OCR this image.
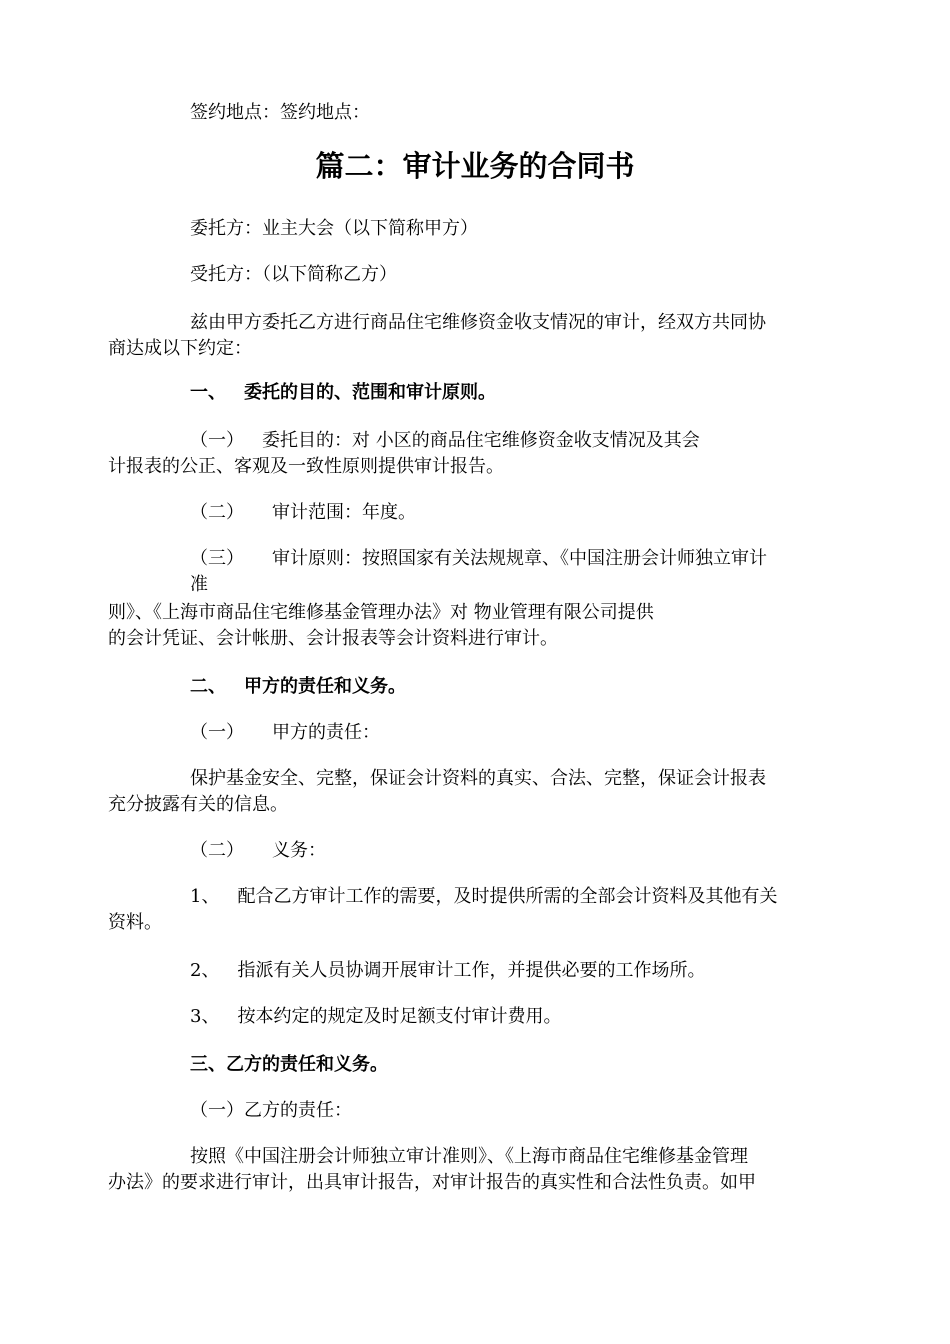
签约地点：签约地点：
篇二：审计业务的合同书
委托方：业主大会（以下简称甲方）
受托方：（以下简称乙方）
兹由甲方委托乙方进行商品住宅维修资金收支情况的审计，经双方共同协
商达成以下约定：
一、 委托的目的、范围和审计原则。
（一） 委托目的：对 小区的商品住宅维修资金收支情况及其会
计报表的公正、客观及一致性原则提供审计报告。
（二） 审计范围：年度。
（三） 审计原则：按照国家有关法规规章、《中国注册会计师独立审计
准
则》、《上海市商品住宅维修基金管理办法》对 物业管理有限公司提供
的会计凭证、会计帐册、会计报表等会计资料进行审计。
二、 甲方的责任和义务。
（一） 甲方的责任：
保护基金安全、完整，保证会计资料的真实、合法、完整，保证会计报表
充分披露有关的信息。
（二） 义务：
1、 配合乙方审计工作的需要，及时提供所需的全部会计资料及其他有关
资料。
2、 指派有关人员协调开展审计工作，并提供必要的工作场所。
3、 按本约定的规定及时足额支付审计费用。
三、乙方的责任和义务。
（一）乙方的责任：
按照《中国注册会计师独立审计准则》、《上海市商品住宅维修基金管理
办法》的要求进行审计，出具审计报告，对审计报告的真实性和合法性负责。如甲
